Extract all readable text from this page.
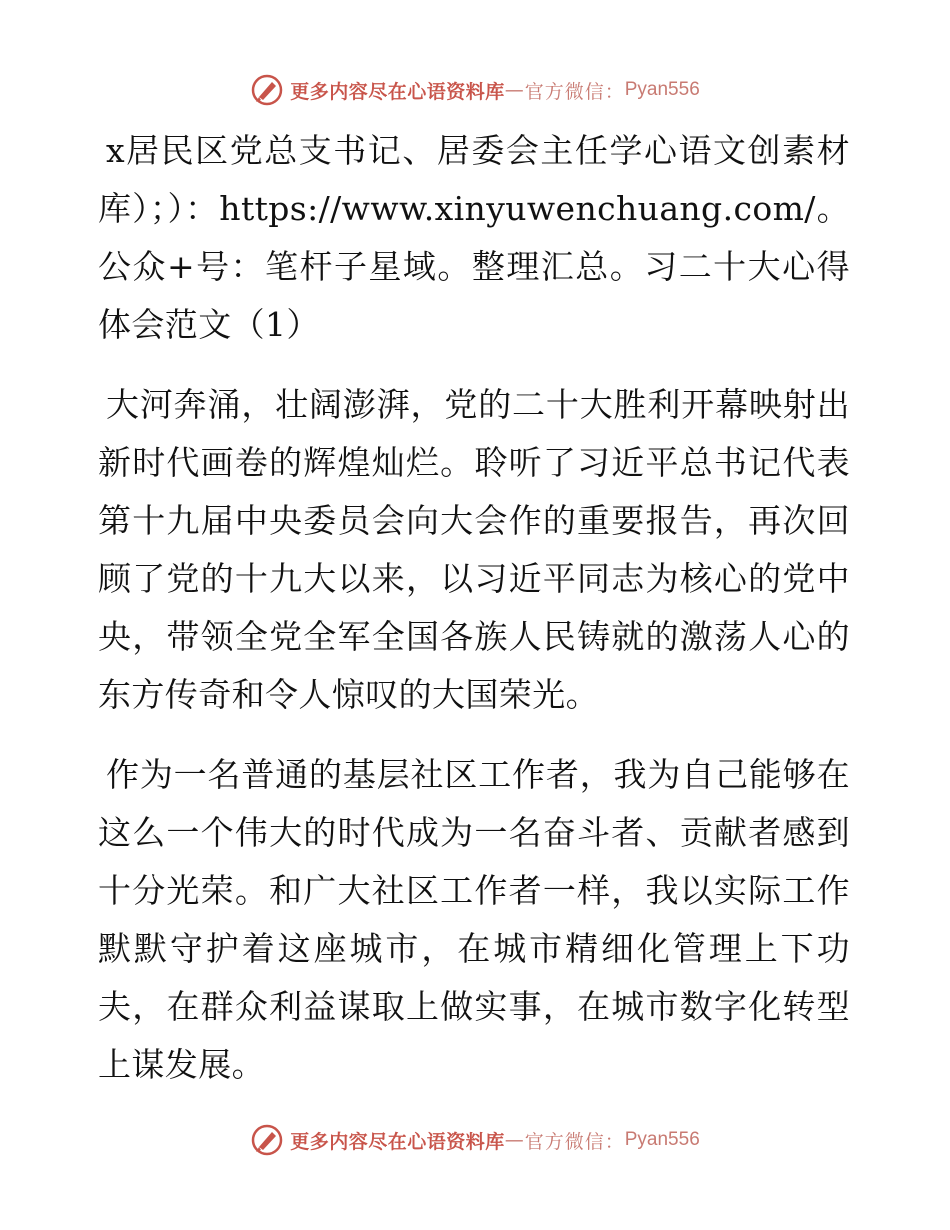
更多内容尽在心语资料库 — 官方微信： Pyan556

x居民区党总支书记、居委会主任学心语文创素材库）；）：https://www.xinyuwenchuang.com/。公众+号：笔杆子星域。整理汇总。习二十大心得体会范文（1）

大河奔涌，壮阔澎湃，党的二十大胜利开幕映射出新时代画卷的辉煌灿烂。聆听了习近平总书记代表第十九届中央委员会向大会作的重要报告，再次回顾了党的十九大以来，以习近平同志为核心的党中央，带领全党全军全国各族人民铸就的激荡人心的东方传奇和令人惊叹的大国荣光。

作为一名普通的基层社区工作者，我为自己能够在这么一个伟大的时代成为一名奋斗者、贡献者感到十分光荣。和广大社区工作者一样，我以实际工作默默守护着这座城市，在城市精细化管理上下功夫，在群众利益谋取上做实事，在城市数字化转型上谋发展。

更多内容尽在心语资料库 — 官方微信： Pyan556
